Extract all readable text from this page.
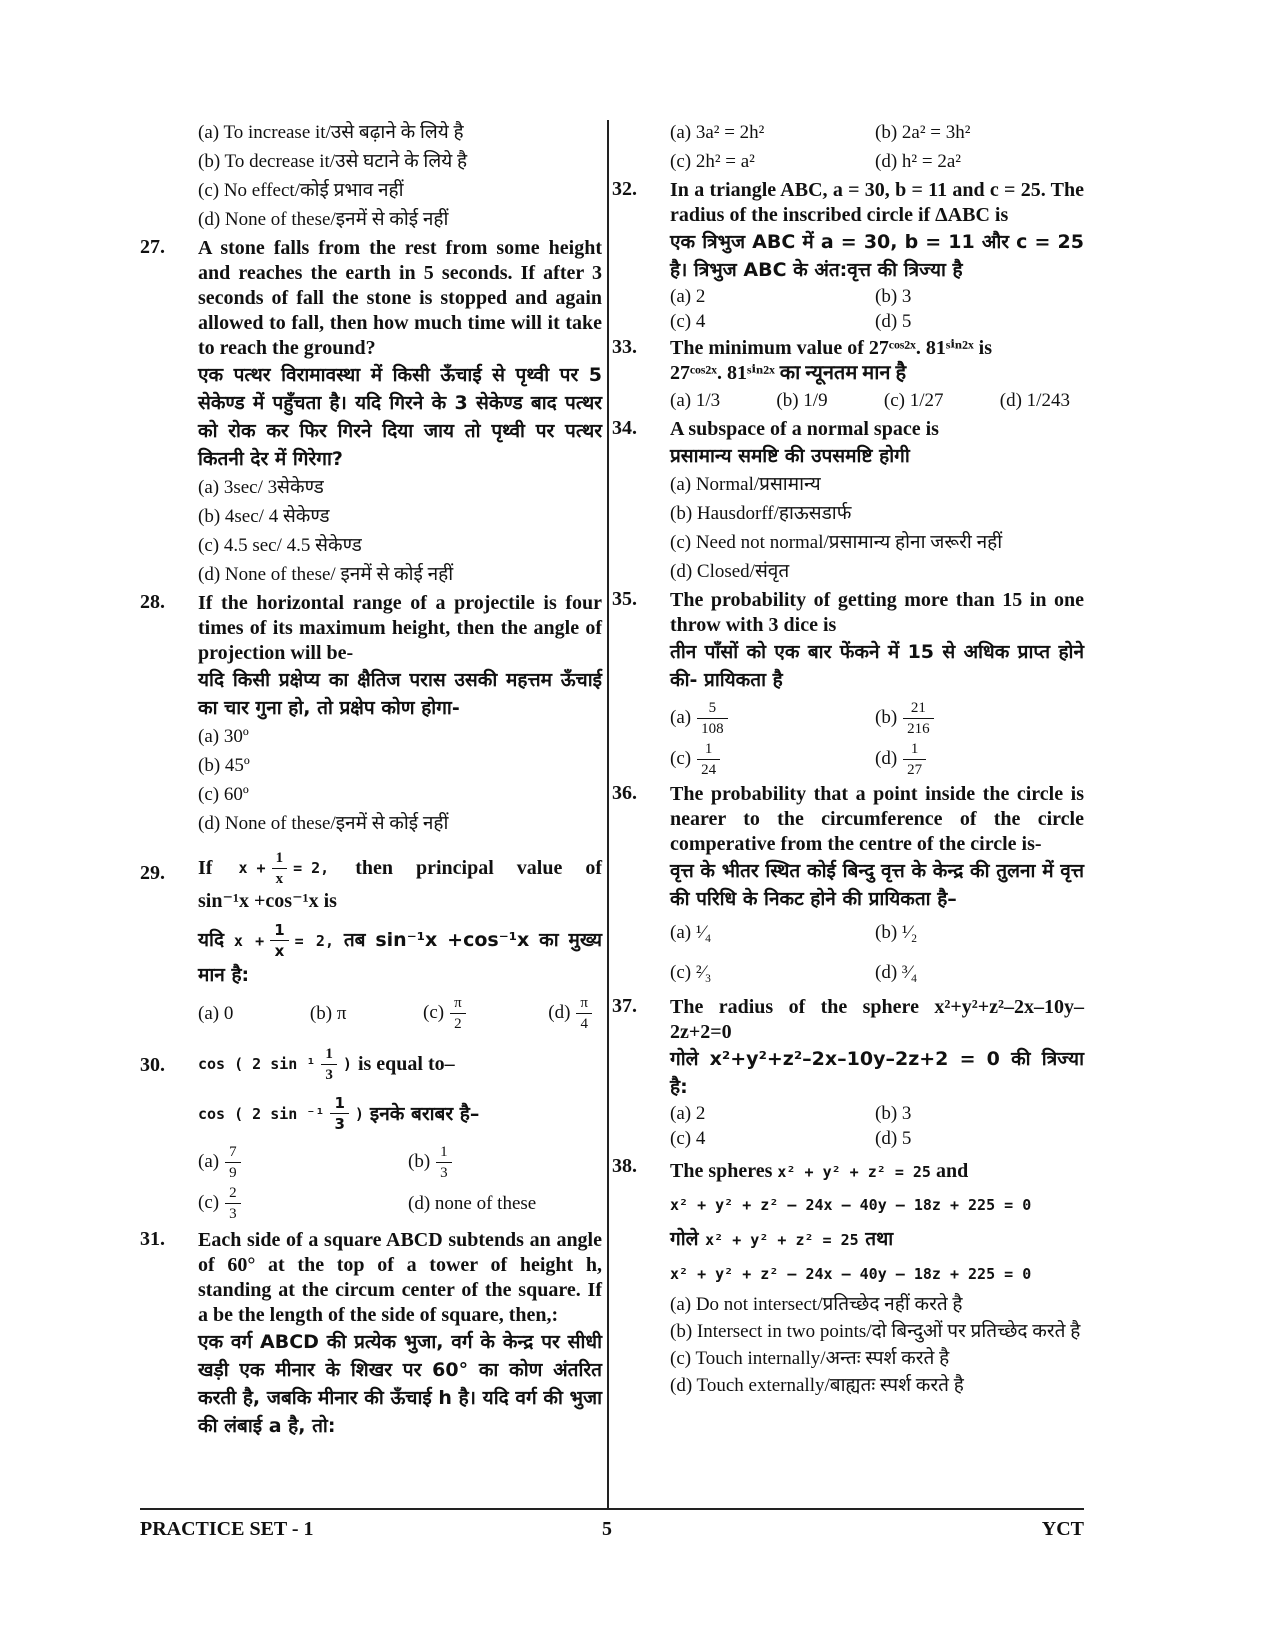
(a) To increase it/उसे बढ़ाने के लिये है
(b) To decrease it/उसे घटाने के लिये है
(c) No effect/कोई प्रभाव नहीं
(d) None of these/इनमें से कोई नहीं
27. A stone falls from the rest from some height and reaches the earth in 5 seconds. If after 3 seconds of fall the stone is stopped and again allowed to fall, then how much time will it take to reach the ground?
एक पत्थर विरामावस्था में किसी ऊँचाई से पृथ्वी पर 5 सेकेण्ड में पहुँचता है। यदि गिरने के 3 सेकेण्ड बाद पत्थर को रोक कर फिर गिरने दिया जाय तो पृथ्वी पर पत्थर कितनी देर में गिरेगा?
(a) 3sec/ 3सेकेण्ड
(b) 4sec/ 4 सेकेण्ड
(c) 4.5 sec/ 4.5 सेकेण्ड
(d) None of these/ इनमें से कोई नहीं
28. If the horizontal range of a projectile is four times of its maximum height, then the angle of projection will be-
यदि किसी प्रक्षेप्य का क्षैतिज परास उसकी महत्तम ऊँचाई का चार गुना हो, तो प्रक्षेप कोण होगा-
(a) 30º
(b) 45º
(c) 60º
(d) None of these/इनमें से कोई नहीं
29. If $x + \frac{1}{x} = 2$, then principal value of
sin⁻¹x +cos⁻¹x is
यदि $x + \frac{1}{x} = 2$, तब sin⁻¹x +cos⁻¹x का मुख्य मान है:
(a) 0	(b) π	$(c) \frac{\pi}{2}$	$(d) \frac{\pi}{4}$
30. cos ( 2 $\sin ^1 \frac{1}{3}$ ) is equal to–
cos ( 2 $\sin ^{-1} \frac{1}{3}$ ) इनके बराबर है–
$(a) \frac{7}{9}$	$(b) \frac{1}{3}$
$(c) \frac{2}{3}$	(d) none of these
31. Each side of a square ABCD subtends an angle of 60° at the top of a tower of height h, standing at the circum center of the square. If a be the length of the side of square, then,:
एक वर्ग ABCD की प्रत्येक भुजा, वर्ग के केन्द्र पर सीधी खड़ी एक मीनार के शिखर पर 60° का कोण अंतरित करती है, जबकि मीनार की ऊँचाई h है। यदि वर्ग की भुजा की लंबाई a है, तो:
(a) 3a² = 2h²	(b) 2a² = 3h²
(c) 2h² = a²	(d) h² = 2a²
32. In a triangle ABC, a = 30, b = 11 and c = 25. The radius of the inscribed circle if ΔABC is
एक त्रिभुज ABC में a = 30, b = 11 और c = 25 है। त्रिभुज ABC के अंत:वृत्त की त्रिज्या है
(a) 2	(b) 3
(c) 4	(d) 5
33. The minimum value of 27ᶜᵒˢ²ˣ. 81ˢⁱⁿ²ˣ is
27ᶜᵒˢ²ˣ. 81ˢⁱⁿ²ˣ का न्यूनतम मान है
(a) 1/3	(b) 1/9	(c) 1/27	(d) 1/243
34. A subspace of a normal space is
प्रसामान्य समष्टि की उपसमष्टि होगी
(a) Normal/प्रसामान्य
(b) Hausdorff/हाऊसडार्फ
(c) Need not normal/प्रसामान्य होना जरूरी नहीं
(d) Closed/संवृत
35. The probability of getting more than 15 in one throw with 3 dice is
तीन पाँसों को एक बार फेंकने में 15 से अधिक प्राप्त होने की- प्रायिकता है
$(a) \frac{5}{108}$	$(b) \frac{21}{216}$
$(c) \frac{1}{24}$	$(d) \frac{1}{27}$
36. The probability that a point inside the circle is nearer to the circumference of the circle comperative from the centre of the circle is-
वृत्त के भीतर स्थित कोई बिन्दु वृत्त के केन्द्र की तुलना में वृत्त की परिधि के निकट होने की प्रायिकता है–
(a) ¹⁄₄	(b) ¹⁄₂
(c) ²⁄₃	(d) ³⁄₄
37. The radius of the sphere x²+y²+z²–2x–10y–2z+2=0
गोले x²+y²+z²–2x–10y–2z+2 = 0 की त्रिज्या है:
(a) 2	(b) 3
(c) 4	(d) 5
38. The spheres x² + y² + z² = 25 and
x² + y² + z² – 24x – 40y – 18z + 225 = 0
गोले x² + y² + z² = 25 तथा
x² + y² + z² – 24x – 40y – 18z + 225 = 0
(a) Do not intersect/प्रतिच्छेद नहीं करते है
(b) Intersect in two points/दो बिन्दुओं पर प्रतिच्छेद करते है
(c) Touch internally/अन्तः स्पर्श करते है
(d) Touch externally/बाह्यतः स्पर्श करते है
PRACTICE SET - 1	5	YCT
